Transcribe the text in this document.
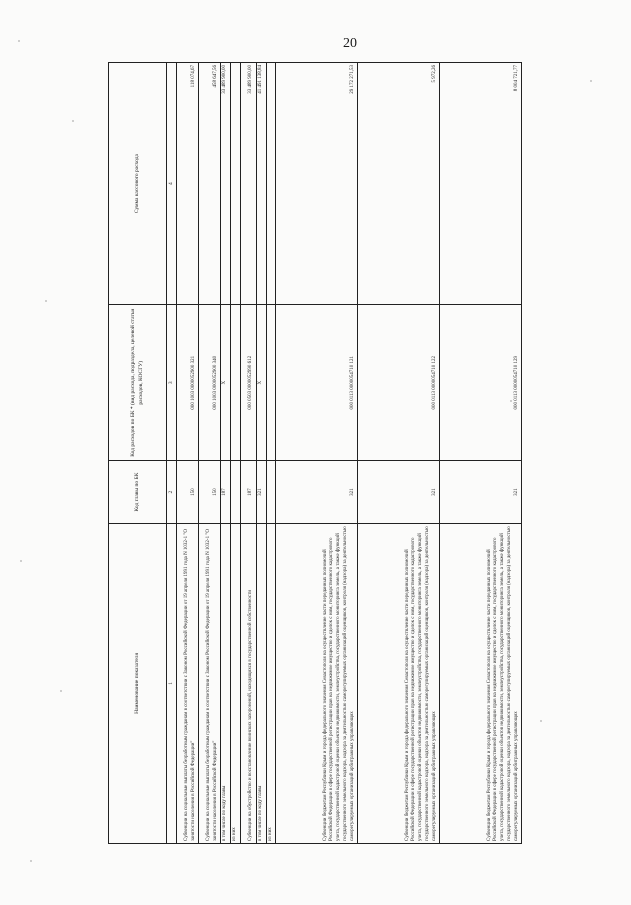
20
Наименование показателя	Код главы по БК	Код расходов по БК * (вид расхода, подраздела, целевой статьи расходов, КОСГУ)	Сумма кассового расхода
1	2	3	4
Субвенции на социальные выплаты безработным гражданам в соответствии с Законом Российской Федерации от 19 апреля 1991 года N 1032-1 "О занятости населения в Российской Федерации"	150	000 1003 0000052900 321	118 074,67
Субвенции на социальные выплаты безработным гражданам в соответствии с Законом Российской Федерации от 19 апреля 1991 года N 1032-1 "О занятости населения в Российской Федерации"	150	000 1003 0000052900 340	458 647,56
в том числе по коду главы	187	X	33 489 900,00
из них			
Субвенции на обустройство и восстановление воинских захоронений, находящихся в государственной собственности	187	000 0503 0000052990 612	33 489 900,00
в том числе по коду главы	321	X	41 491 138,84
из них			
Субвенции бюджетам Республики Крым и города федерального значения Севастополя на осуществление части переданных полномочий Российской Федерации в сфере государственной регистрации прав на недвижимое имущество и сделок с ним, государственного кадастрового учета, государственной кадастровой оценки объектов недвижимости, землеустройства, государственного мониторинга земель, а также функций государственного земельного надзора, надзора за деятельностью саморегулируемых организаций оценщиков, контроля (надзора) за деятельностью саморегулируемых организаций арбитражных управляющих	321	000 0113 0000054710 121	29 172 271,53
Субвенции бюджетам Республики Крым и города федерального значения Севастополя на осуществление части переданных полномочий Российской Федерации в сфере государственной регистрации прав на недвижимое имущество и сделок с ним, государственного кадастрового учета, государственной кадастровой оценки объектов недвижимости, землеустройства, государственного мониторинга земель, а также функций государственного земельного надзора, надзора за деятельностью саморегулируемых организаций оценщиков, контроля (надзора) за деятельностью саморегулируемых организаций арбитражных управляющих	321	000 0113 0000054710 122	5 972,26
Субвенции бюджетам Республики Крым и города федерального значения Севастополя на осуществление части переданных полномочий Российской Федерации в сфере государственной регистрации прав на недвижимое имущество и сделок с ним, государственного кадастрового учета, государственной кадастровой оценки объектов недвижимости, землеустройства, государственного мониторинга земель, а также функций государственного земельного надзора, надзора за деятельностью саморегулируемых организаций оценщиков, контроля (надзора) за деятельностью саморегулируемых организаций арбитражных управляющих	321	000 0113 0000054710 129	8 004 721,77
